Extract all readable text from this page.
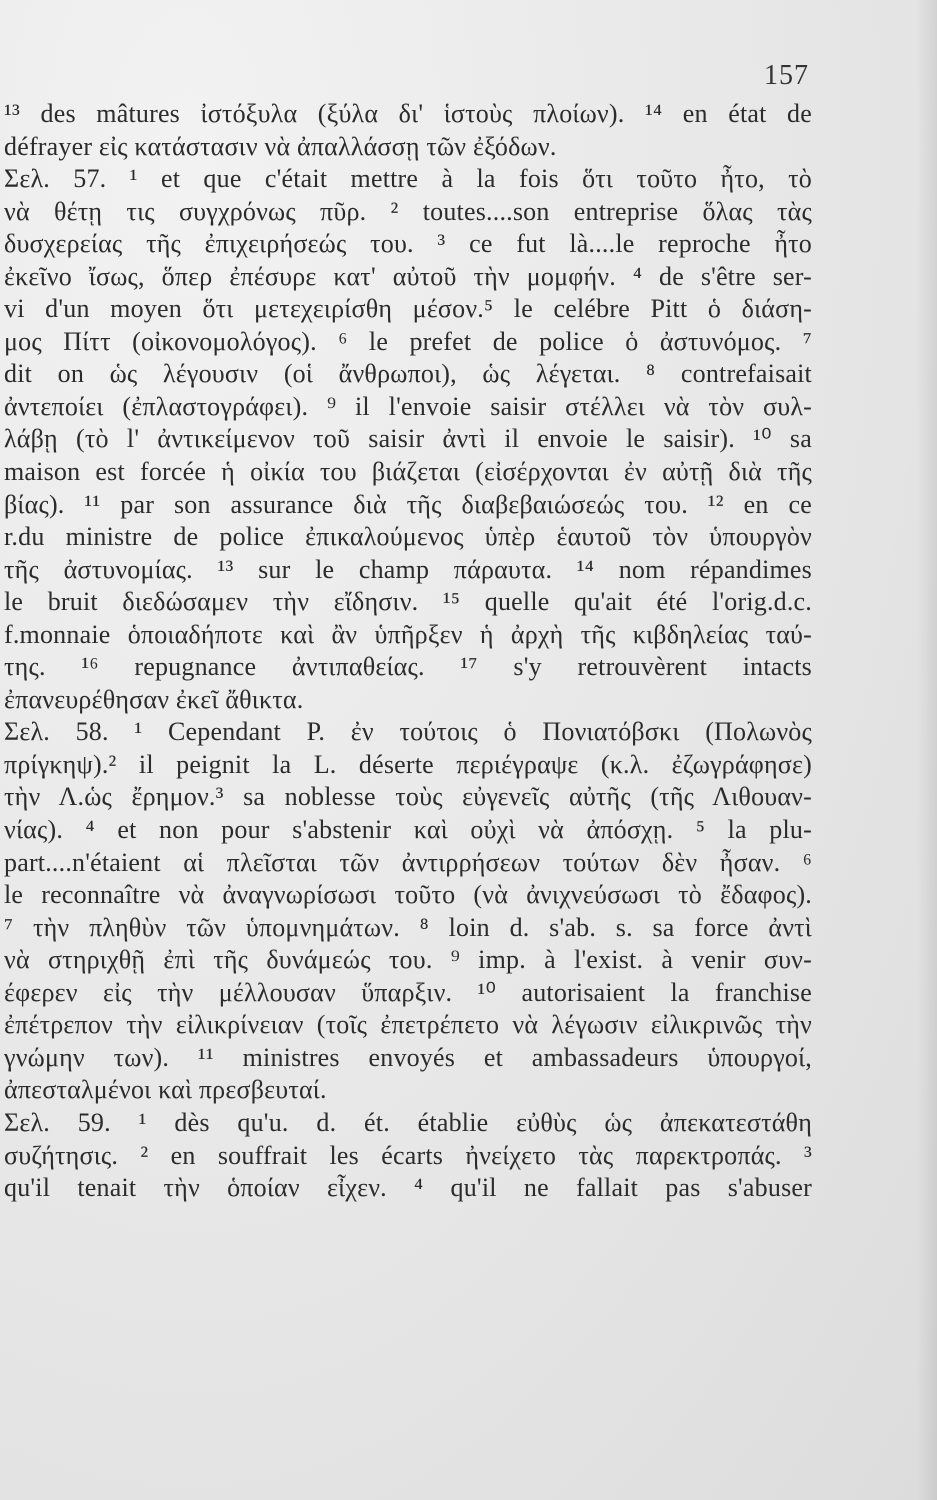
157
¹³ des mâtures ἰστόξυλα (ξύλα δι' ἱστοὺς πλοίων). ¹⁴ en état de
défrayer εἰς κατάστασιν νὰ ἀπαλλάσσῃ τῶν ἐξόδων.
Σελ. 57. ¹ et que c'était mettre à la fois ὅτι τοῦτο ἦτο, τὸ
νὰ θέτῃ τις συγχρόνως πῦρ. ² toutes....son entreprise ὅλας τὰς
δυσχερείας τῆς ἐπιχειρήσεώς του. ³ ce fut là....le reproche ἦτο
ἐκεῖνο ἴσως, ὅπερ ἐπέσυρε κατ' αὐτοῦ τὴν μομφήν. ⁴ de s'être ser-
vi d'un moyen ὅτι μετεχειρίσθη μέσον.⁵ le celébre Pitt ὁ διάση-
μος Πίττ (οἰκονομολόγος). ⁶ le prefet de police ὁ ἀστυνόμος. ⁷
dit on ὡς λέγουσιν (οἱ ἄνθρωποι), ὡς λέγεται. ⁸ contrefaisait
ἀντεποίει (ἐπλαστογράφει). ⁹ il l'envoie saisir στέλλει νὰ τὸν συλ-
λάβῃ (τὸ l' ἀντικείμενον τοῦ saisir ἀντὶ il envoie le saisir). ¹⁰ sa
maison est forcée ἡ οἰκία του βιάζεται (εἰσέρχονται ἐν αὐτῇ διὰ τῆς
βίας). ¹¹ par son assurance διὰ τῆς διαβεβαιώσεώς του. ¹² en ce
r.du ministre de police ἐπικαλούμενος ὑπὲρ ἑαυτοῦ τὸν ὑπουργὸν
τῆς ἀστυνομίας. ¹³ sur le champ πάραυτα. ¹⁴ nom répandimes
le bruit διεδώσαμεν τὴν εἴδησιν. ¹⁵ quelle qu'ait été l'orig.d.c.
f.monnaie ὁποιαδήποτε καὶ ἂν ὑπῆρξεν ἡ ἀρχὴ τῆς κιβδηλείας ταύ-
της. ¹⁶ repugnance ἀντιπαθείας. ¹⁷ s'y retrouvèrent intacts
ἐπανευρέθησαν ἐκεῖ ἄθικτα.
Σελ. 58. ¹ Cependant P. ἐν τούτοις ὁ Πονιατόβσκι (Πολωνὸς
πρίγκηψ).² il peignit la L. déserte περιέγραψε (κ.λ. ἐζωγράφησε)
τὴν Λ.ὡς ἔρημον.³ sa noblesse τοὺς εὐγενεῖς αὐτῆς (τῆς Λιθουαν-
νίας). ⁴ et non pour s'abstenir καὶ οὐχὶ νὰ ἀπόσχῃ. ⁵ la plu-
part....n'étaient αἱ πλεῖσται τῶν ἀντιρρήσεων τούτων δὲν ἦσαν. ⁶
le reconnaître νὰ ἀναγνωρίσωσι τοῦτο (νὰ ἀνιχνεύσωσι τὸ ἔδαφος).
⁷ τὴν πληθὺν τῶν ὑπομνημάτων. ⁸ loin d. s'ab. s. sa force ἀντὶ
νὰ στηριχθῇ ἐπὶ τῆς δυνάμεώς του. ⁹ imp. à l'exist. à venir συν-
έφερεν εἰς τὴν μέλλουσαν ὕπαρξιν. ¹⁰ autorisaient la franchise
ἐπέτρεπον τὴν εἰλικρίνειαν (τοῖς ἐπετρέπετο νὰ λέγωσιν εἰλικρινῶς τὴν
γνώμην των). ¹¹ ministres envoyés et ambassadeurs ὑπουργοί,
ἀπεσταλμένοι καὶ πρεσβευταί.
Σελ. 59. ¹ dès qu'u. d. ét. établie εὐθὺς ὡς ἀπεκατεστάθη
συζήτησις. ² en souffrait les écarts ἠνείχετο τὰς παρεκτροπάς. ³
qu'il tenait τὴν ὁποίαν εἶχεν. ⁴ qu'il ne fallait pas s'abuser
